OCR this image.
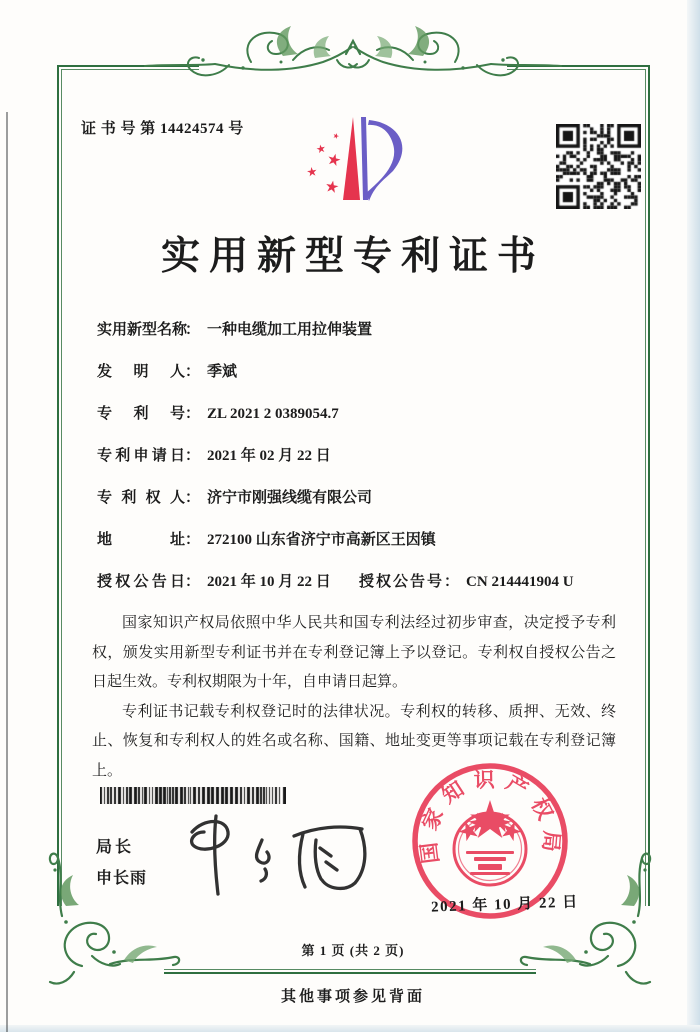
证 书 号 第 14424574 号
实用新型专利证书
实用新型名称
： 一种电缆加工用拉伸装置
发明人 ： 季斌
专利号 ： ZL 2021 2 0389054.7
专利申请日 ： 2021 年 02 月 22 日
专利权人 ： 济宁市刚强线缆有限公司
地址 ： 272100 山东省济宁市高新区王因镇
授权公告日 ： 2021 年 10 月 22 日 授权公告号 ： CN 214441904 U

国家知识产权局依照中华人民共和国专利法经过初步审查，决定授予专利权，颁发实用新型专利证书并在专利登记簿上予以登记。专利权自授权公告之日起生效。专利权期限为十年，自申请日起算。

专利证书记载专利权登记时的法律状况。专利权的转移、质押、无效、终止、恢复和专利权人的姓名或名称、国籍、地址变更等事项记载在专利登记簿上。

局长
申长雨
国家知识产权局
2021 年 10 月 22 日
第 1 页 (共 2 页)
其他事项参见背面
